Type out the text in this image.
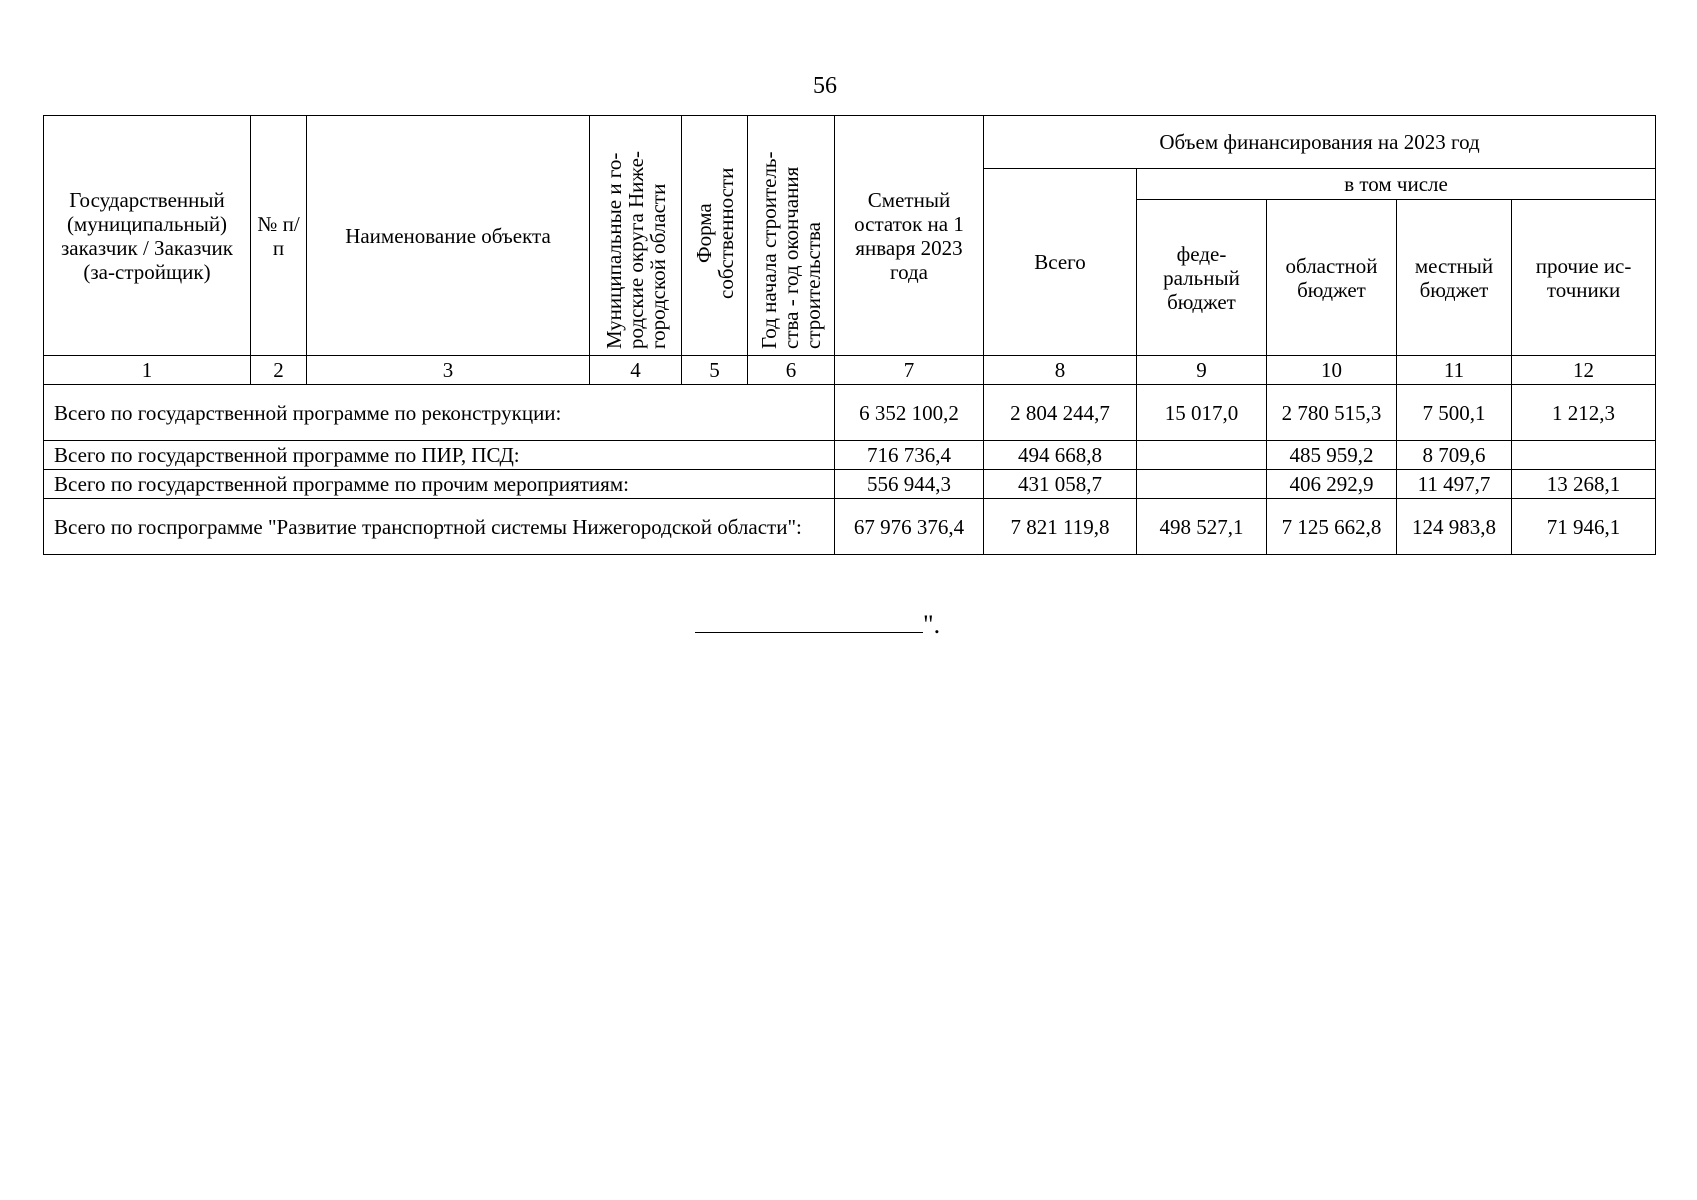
56
Государственный (муниципальный) заказчик / Заказчик (за-стройщик)	№ п/п	Наименование объекта	Муниципальные и го-
родские округа Ниже-
городской области	Форма
собственности	Год начала строитель-
ства - год окончания
строительства	Сметный остаток на 1 января 2023 года	Объем финансирования на 2023 год				
							Всего	в том числе			
								феде-ральный бюджет	областной бюджет	местный бюджет	прочие ис-точники
1	2	3	4	5	6	7	8	9	10	11	12
Всего по государственной программе по реконструкции:						6 352 100,2	2 804 244,7	15 017,0	2 780 515,3	7 500,1	1 212,3
Всего по государственной программе по ПИР, ПСД:						716 736,4	494 668,8		485 959,2	8 709,6	
Всего по государственной программе по прочим мероприятиям:						556 944,3	431 058,7		406 292,9	11 497,7	13 268,1
Всего по госпрограмме "Развитие транспортной системы Нижегородской области":						67 976 376,4	7 821 119,8	498 527,1	7 125 662,8	124 983,8	71 946,1
".
